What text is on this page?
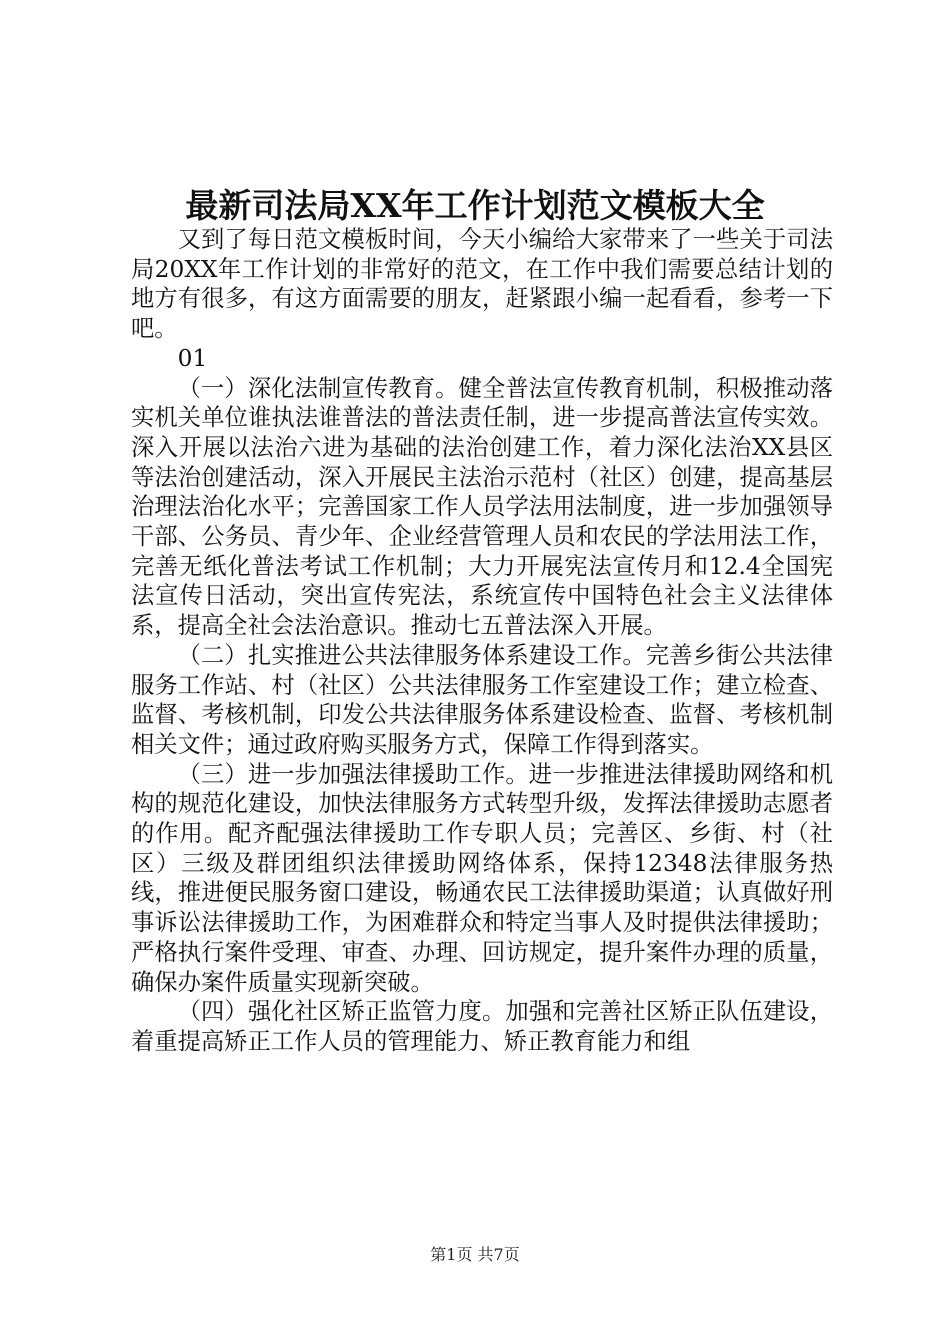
最新司法局XX年工作计划范文模板大全

又到了每日范文模板时间，今天小编给大家带来了一些关于司法局20XX年工作计划的非常好的范文，在工作中我们需要总结计划的地方有很多，有这方面需要的朋友，赶紧跟小编一起看看，参考一下吧。

01

（一）深化法制宣传教育。健全普法宣传教育机制，积极推动落实机关单位谁执法谁普法的普法责任制，进一步提高普法宣传实效。深入开展以法治六进为基础的法治创建工作，着力深化法治XX县区等法治创建活动，深入开展民主法治示范村（社区）创建，提高基层治理法治化水平；完善国家工作人员学法用法制度，进一步加强领导干部、公务员、青少年、企业经营管理人员和农民的学法用法工作，完善无纸化普法考试工作机制；大力开展宪法宣传月和12.4全国宪法宣传日活动，突出宣传宪法，系统宣传中国特色社会主义法律体系，提高全社会法治意识。推动七五普法深入开展。

（二）扎实推进公共法律服务体系建设工作。完善乡街公共法律服务工作站、村（社区）公共法律服务工作室建设工作；建立检查、监督、考核机制，印发公共法律服务体系建设检查、监督、考核机制相关文件；通过政府购买服务方式，保障工作得到落实。

（三）进一步加强法律援助工作。进一步推进法律援助网络和机构的规范化建设，加快法律服务方式转型升级，发挥法律援助志愿者的作用。配齐配强法律援助工作专职人员；完善区、乡街、村（社区）三级及群团组织法律援助网络体系，保持12348法律服务热线，推进便民服务窗口建设，畅通农民工法律援助渠道；认真做好刑事诉讼法律援助工作，为困难群众和特定当事人及时提供法律援助；严格执行案件受理、审查、办理、回访规定，提升案件办理的质量，确保办案件质量实现新突破。

（四）强化社区矫正监管力度。加强和完善社区矫正队伍建设，着重提高矫正工作人员的管理能力、矫正教育能力和组

第1页 共7页
